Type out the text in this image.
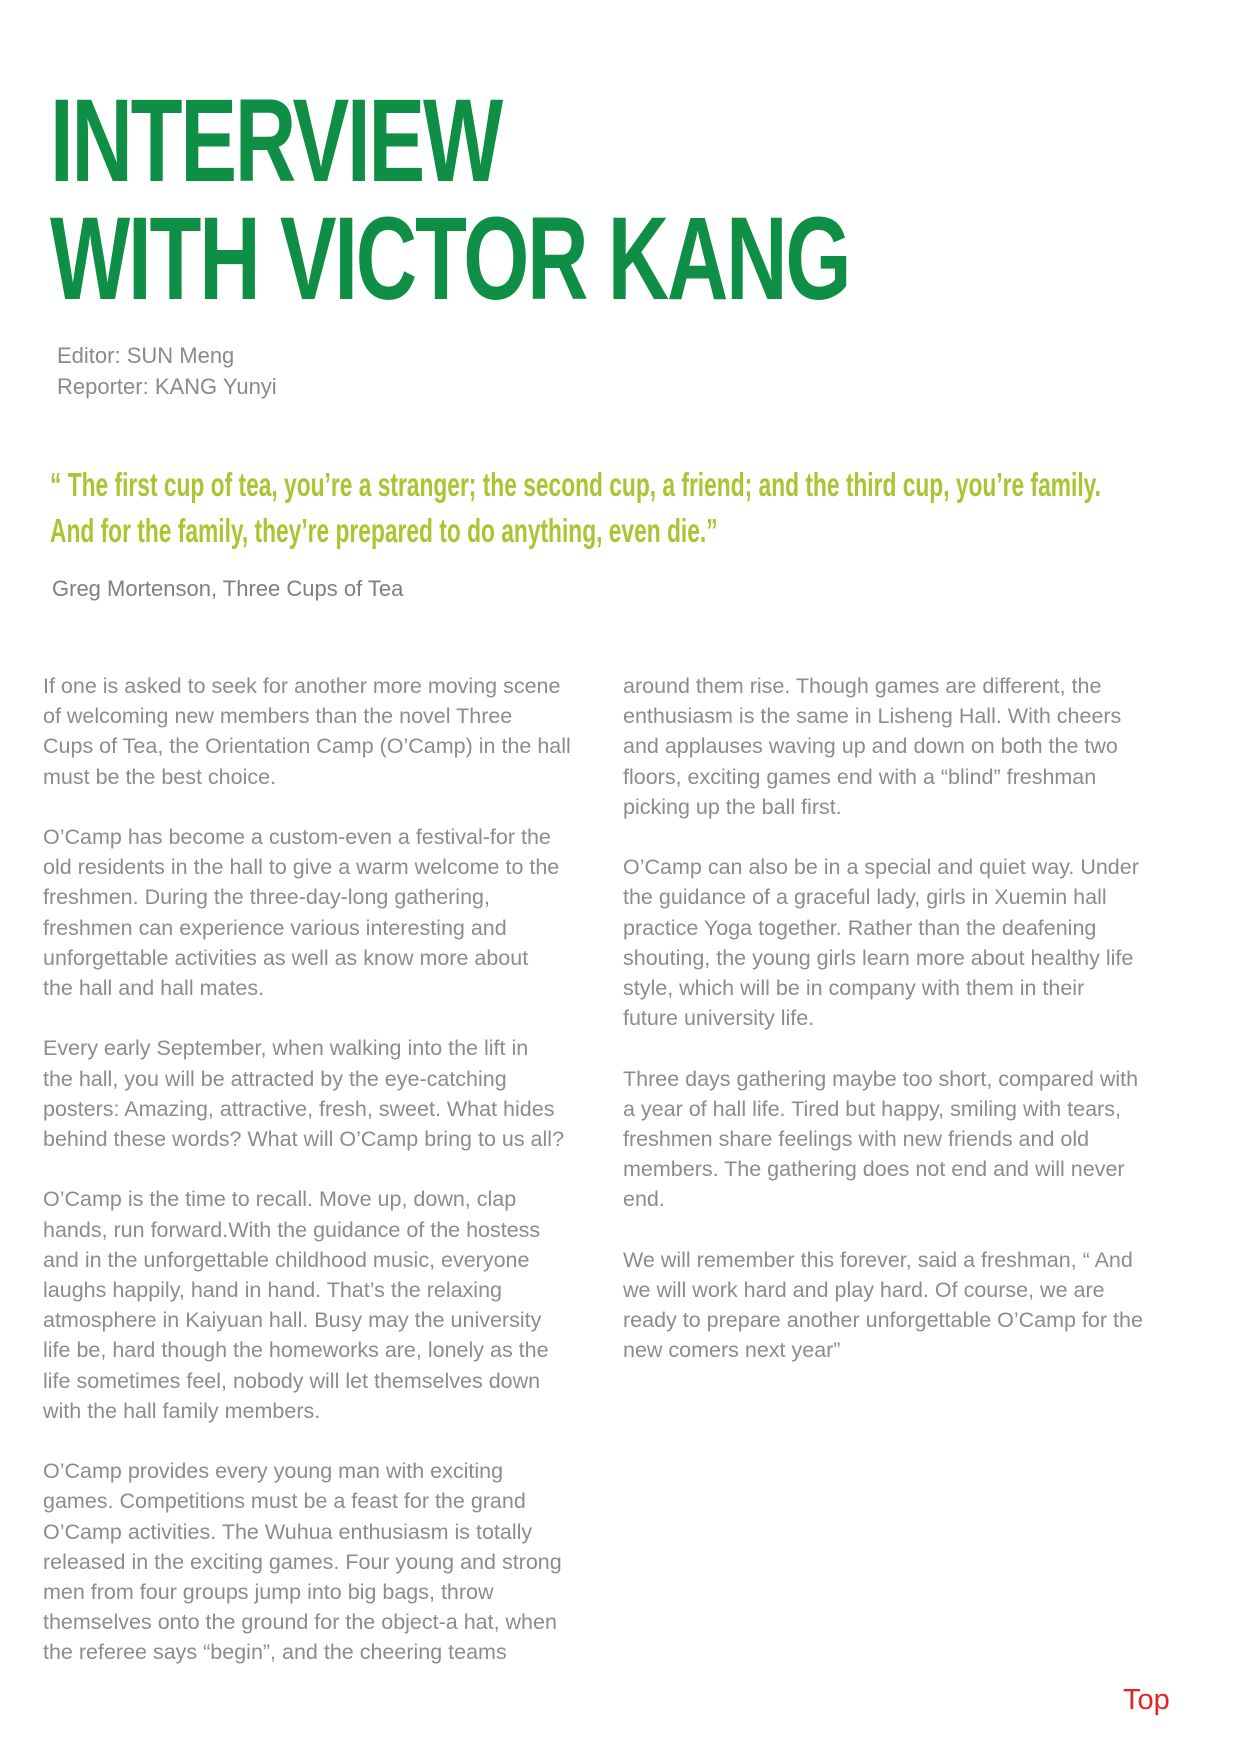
INTERVIEW
WITH VICTOR KANG
Editor: SUN Meng
Reporter: KANG Yunyi
“ The first cup of tea, you’re a stranger; the second cup, a friend; and the third cup, you’re family.
And for the family, they’re prepared to do anything, even die.”
Greg Mortenson, Three Cups of Tea

If one is asked to seek for another more moving scene
of welcoming new members than the novel Three
Cups of Tea, the Orientation Camp (O’Camp) in the hall
must be the best choice.

O’Camp has become a custom-even a festival-for the
old residents in the hall to give a warm welcome to the
freshmen. During the three-day-long gathering,
freshmen can experience various interesting and
unforgettable activities as well as know more about
the hall and hall mates.

Every early September, when walking into the lift in
the hall, you will be attracted by the eye-catching
posters: Amazing, attractive, fresh, sweet. What hides
behind these words? What will O’Camp bring to us all?

O’Camp is the time to recall. Move up, down, clap
hands, run forward.With the guidance of the hostess
and in the unforgettable childhood music, everyone
laughs happily, hand in hand. That’s the relaxing
atmosphere in Kaiyuan hall. Busy may the university
life be, hard though the homeworks are, lonely as the
life sometimes feel, nobody will let themselves down
with the hall family members.

O’Camp provides every young man with exciting
games. Competitions must be a feast for the grand
O’Camp activities. The Wuhua enthusiasm is totally
released in the exciting games. Four young and strong
men from four groups jump into big bags, throw
themselves onto the ground for the object-a hat, when
the referee says “begin”, and the cheering teams

around them rise. Though games are different, the
enthusiasm is the same in Lisheng Hall. With cheers
and applauses waving up and down on both the two
floors, exciting games end with a “blind” freshman
picking up the ball first.

O’Camp can also be in a special and quiet way. Under
the guidance of a graceful lady, girls in Xuemin hall
practice Yoga together. Rather than the deafening
shouting, the young girls learn more about healthy life
style, which will be in company with them in their
future university life.

Three days gathering maybe too short, compared with
a year of hall life. Tired but happy, smiling with tears,
freshmen share feelings with new friends and old
members. The gathering does not end and will never
end.

We will remember this forever, said a freshman, “ And
we will work hard and play hard. Of course, we are
ready to prepare another unforgettable O’Camp for the
new comers next year”

Top
